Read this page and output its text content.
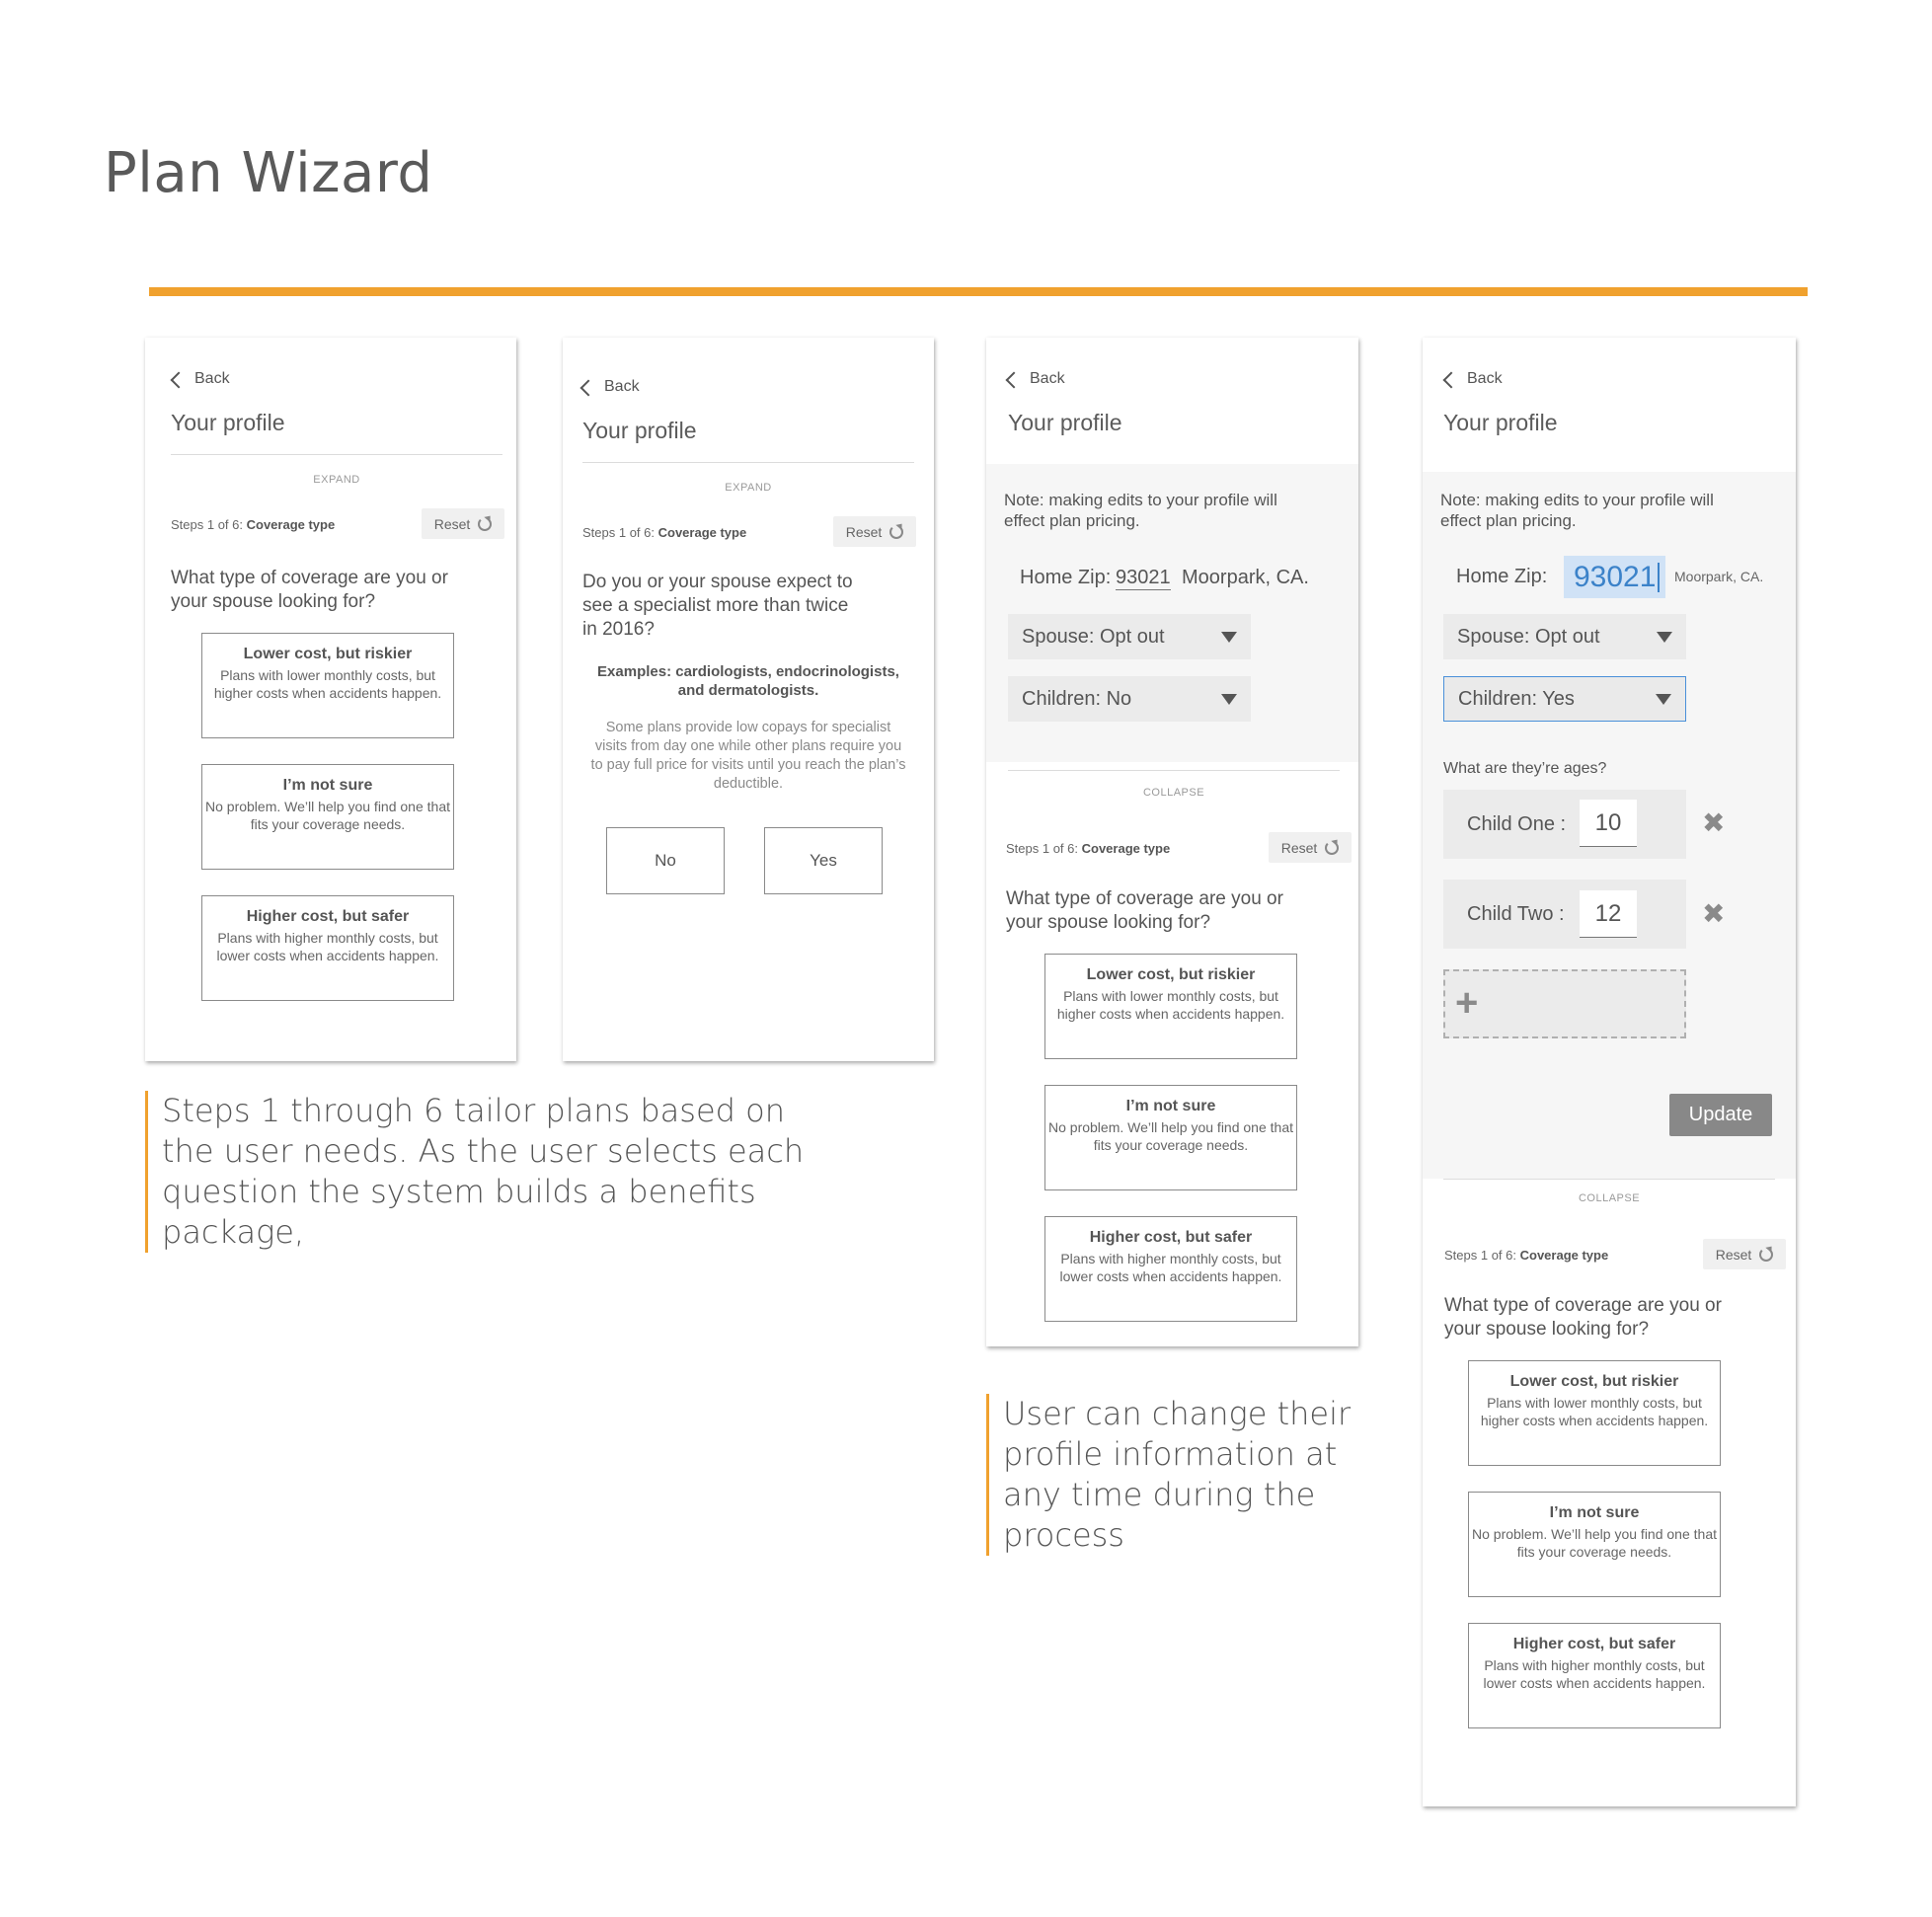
Plan Wizard
Back
Your profile
EXPAND
Steps 1 of 6: Coverage type	Reset
What type of coverage are you or your spouse looking for?
Lower cost, but riskier
Plans with lower monthly costs, but higher costs when accidents happen.
I’m not sure
No problem. We’ll help you find one that fits your coverage needs.
Higher cost, but safer
Plans with higher monthly costs, but lower costs when accidents happen.
Back
Your profile
EXPAND
Steps 1 of 6: Coverage type	Reset
Do you or your spouse expect to see a specialist more than twice in 2016?
Examples: cardiologists, endocrinologists, and dermatologists.
Some plans provide low copays for specialist visits from day one while other plans require you to pay full price for visits until you reach the plan’s deductible.
No	Yes
Back
Your profile
Note: making edits to your profile will effect plan pricing.
Home Zip: 93021 Moorpark, CA.
Spouse: Opt out
Children: No
COLLAPSE
Steps 1 of 6: Coverage type	Reset
What type of coverage are you or your spouse looking for?
Lower cost, but riskier
Plans with lower monthly costs, but higher costs when accidents happen.
I’m not sure
No problem. We’ll help you find one that fits your coverage needs.
Higher cost, but safer
Plans with higher monthly costs, but lower costs when accidents happen.
Back
Your profile
Note: making edits to your profile will effect plan pricing.
Home Zip: 93021 Moorpark, CA.
Spouse: Opt out
Children: Yes
What are they’re ages?
Child One :	10	✖
Child Two :	12	✖
+
Update
COLLAPSE
Steps 1 of 6: Coverage type	Reset
What type of coverage are you or your spouse looking for?
Lower cost, but riskier
Plans with lower monthly costs, but higher costs when accidents happen.
I’m not sure
No problem. We’ll help you find one that fits your coverage needs.
Higher cost, but safer
Plans with higher monthly costs, but lower costs when accidents happen.
Steps 1 through 6 tailor plans based on the user needs. As the user selects each question the system builds a benefits package,
User can change their profile information at any time during the process
